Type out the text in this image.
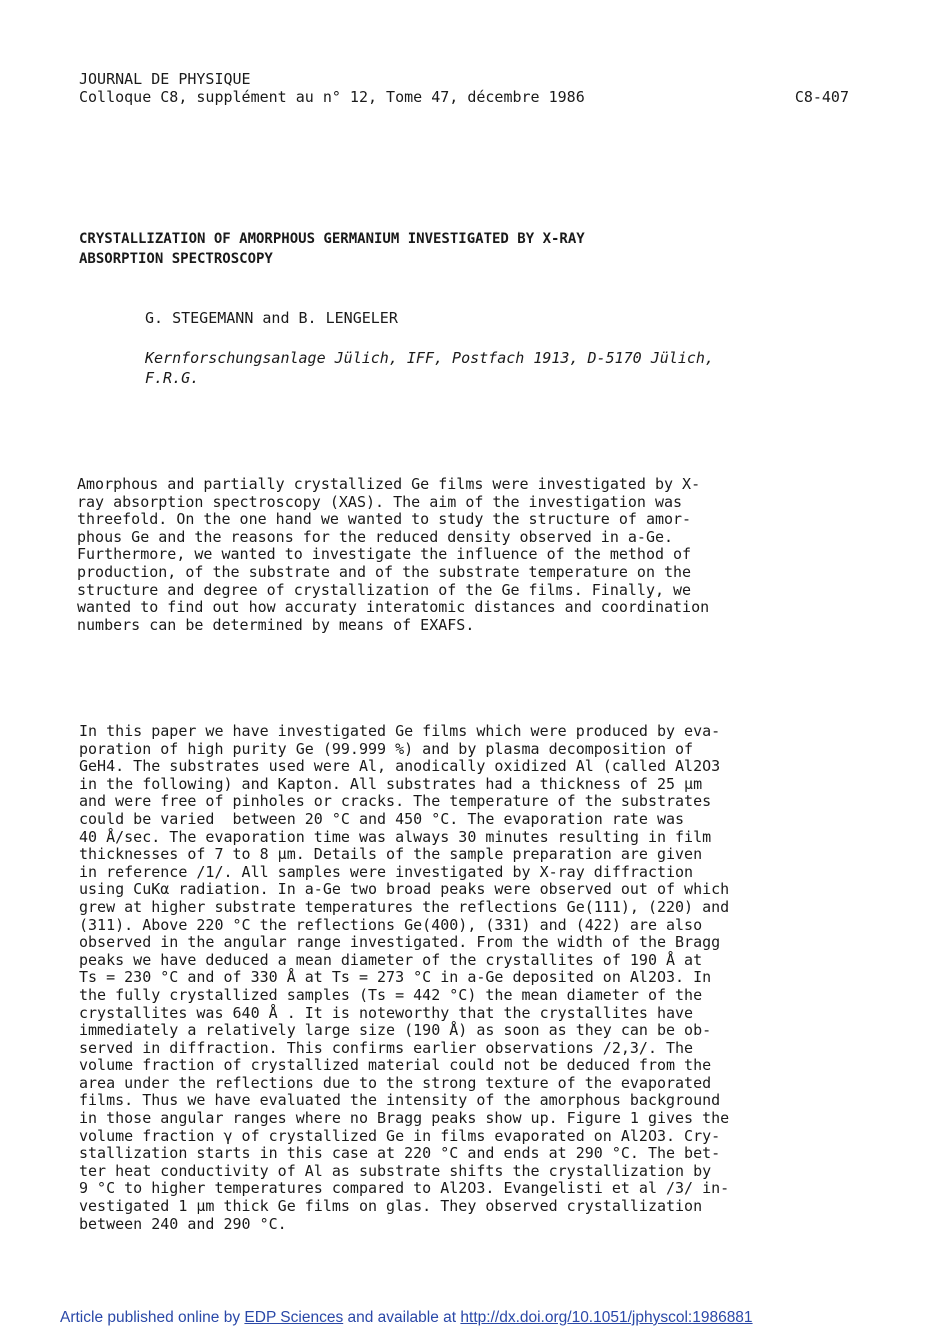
JOURNAL DE PHYSIQUE
Colloque C8, supplément au n° 12, Tome 47, décembre 1986	C8-407
CRYSTALLIZATION OF AMORPHOUS GERMANIUM INVESTIGATED BY X-RAY
ABSORPTION SPECTROSCOPY
G. STEGEMANN and B. LENGELER
Kernforschungsanlage Jülich, IFF, Postfach 1913, D-5170 Jülich,
F.R.G.
Amorphous and partially crystallized Ge films were investigated by X-
ray absorption spectroscopy (XAS). The aim of the investigation was
threefold. On the one hand we wanted to study the structure of amor-
phous Ge and the reasons for the reduced density observed in a-Ge.
Furthermore, we wanted to investigate the influence of the method of
production, of the substrate and of the substrate temperature on the
structure and degree of crystallization of the Ge films. Finally, we
wanted to find out how accuraty interatomic distances and coordination
numbers can be determined by means of EXAFS.
In this paper we have investigated Ge films which were produced by eva-
poration of high purity Ge (99.999 %) and by plasma decomposition of
GeH4. The substrates used were Al, anodically oxidized Al (called Al2O3
in the following) and Kapton. All substrates had a thickness of 25 µm
and were free of pinholes or cracks. The temperature of the substrates
could be varied  between 20 °C and 450 °C. The evaporation rate was
40 Å/sec. The evaporation time was always 30 minutes resulting in film
thicknesses of 7 to 8 µm. Details of the sample preparation are given
in reference /1/. All samples were investigated by X-ray diffraction
using CuKα radiation. In a-Ge two broad peaks were observed out of which
grew at higher substrate temperatures the reflections Ge(111), (220) and
(311). Above 220 °C the reflections Ge(400), (331) and (422) are also
observed in the angular range investigated. From the width of the Bragg
peaks we have deduced a mean diameter of the crystallites of 190 Å at
Ts = 230 °C and of 330 Å at Ts = 273 °C in a-Ge deposited on Al2O3. In
the fully crystallized samples (Ts = 442 °C) the mean diameter of the
crystallites was 640 Å . It is noteworthy that the crystallites have
immediately a relatively large size (190 Å) as soon as they can be ob-
served in diffraction. This confirms earlier observations /2,3/. The
volume fraction of crystallized material could not be deduced from the
area under the reflections due to the strong texture of the evaporated
films. Thus we have evaluated the intensity of the amorphous background
in those angular ranges where no Bragg peaks show up. Figure 1 gives the
volume fraction γ of crystallized Ge in films evaporated on Al2O3. Cry-
stallization starts in this case at 220 °C and ends at 290 °C. The bet-
ter heat conductivity of Al as substrate shifts the crystallization by
9 °C to higher temperatures compared to Al2O3. Evangelisti et al /3/ in-
vestigated 1 µm thick Ge films on glas. They observed crystallization
between 240 and 290 °C.
Article published online by EDP Sciences and available at http://dx.doi.org/10.1051/jphyscol:1986881
